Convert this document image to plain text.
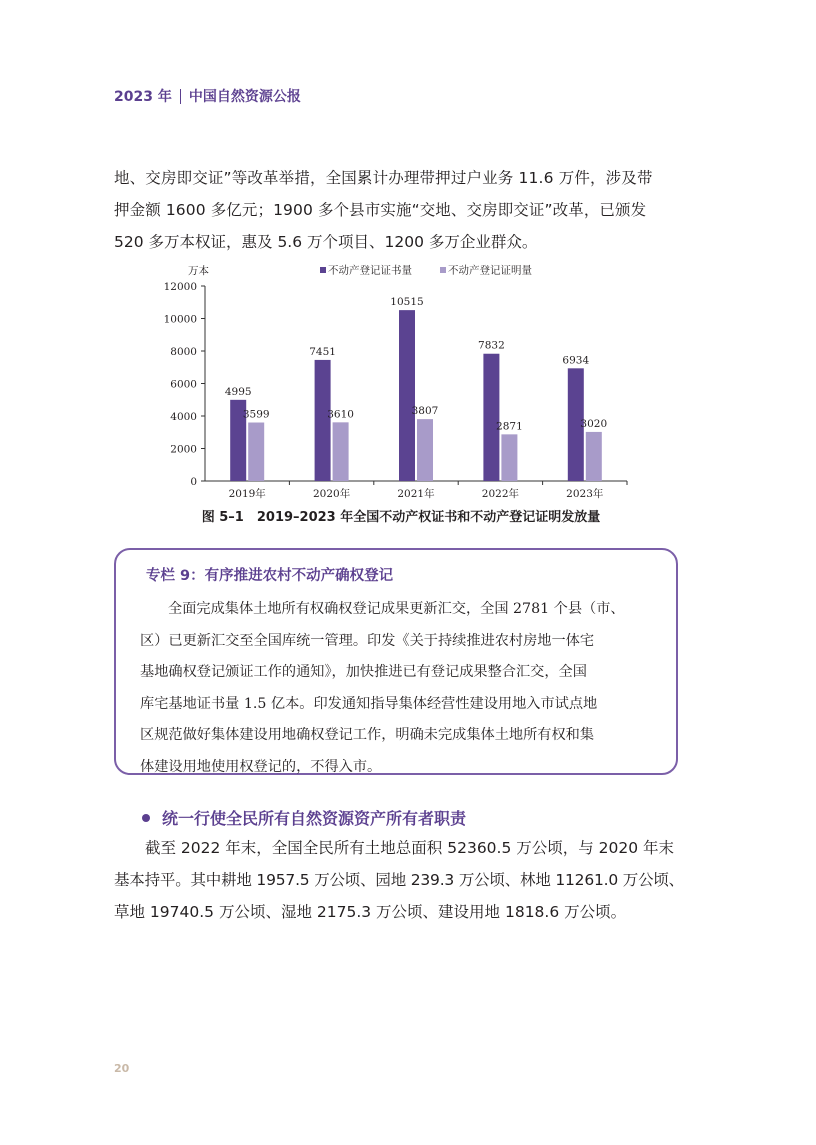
2023 年 中国自然资源公报
地、交房即交证”等改革举措，全国累计办理带押过户业务 11.6 万件，涉及带
押金额 1600 多亿元；1900 多个县市实施“交地、交房即交证”改革，已颁发
520 多万本权证，惠及 5.6 万个项目、1200 多万企业群众。
0
2000
4000
6000
8000
10000
12000
万本	不动产登记证书量	不动产登记证明量
4995
3599
2019年
7451
3610
2020年
10515
3807
2021年
7832
2871
2022年
6934
3020
2023年
图 5–1　2019–2023 年全国不动产权证书和不动产登记证明发放量
专栏 9：有序推进农村不动产确权登记
全面完成集体土地所有权确权登记成果更新汇交，全国 2781 个县（市、
区）已更新汇交至全国库统一管理。印发《关于持续推进农村房地一体宅
基地确权登记颁证工作的通知》，加快推进已有登记成果整合汇交，全国
库宅基地证书量 1.5 亿本。印发通知指导集体经营性建设用地入市试点地
区规范做好集体建设用地确权登记工作，明确未完成集体土地所有权和集
体建设用地使用权登记的，不得入市。
统一行使全民所有自然资源资产所有者职责
截至 2022 年末，全国全民所有土地总面积 52360.5 万公顷，与 2020 年末
基本持平。其中耕地 1957.5 万公顷、园地 239.3 万公顷、林地 11261.0 万公顷、
草地 19740.5 万公顷、湿地 2175.3 万公顷、建设用地 1818.6 万公顷。
20
